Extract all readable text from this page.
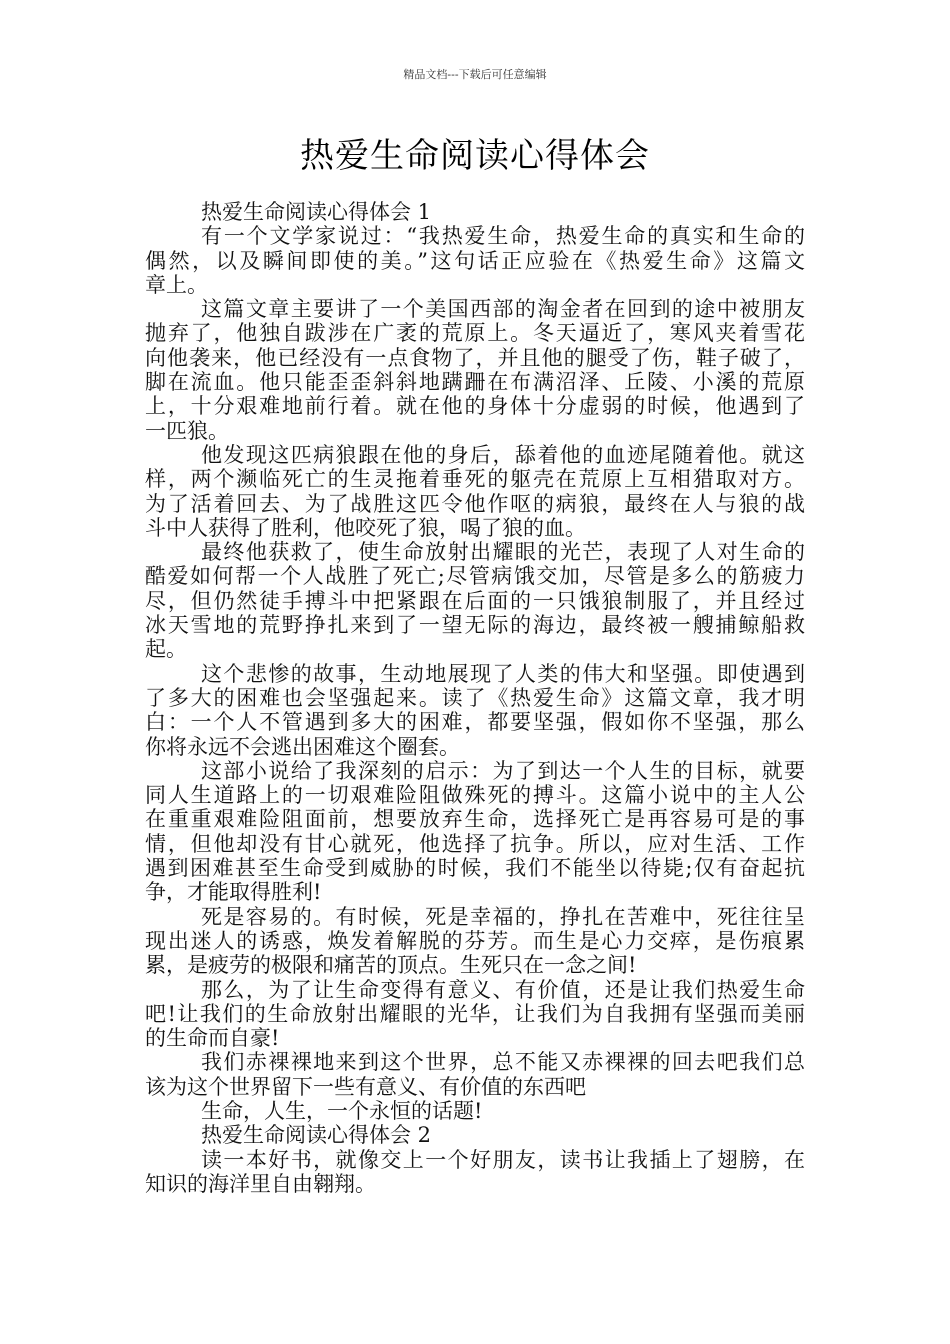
精品文档---下载后可任意编辑
热爱生命阅读心得体会
热爱生命阅读心得体会 1
有一个文学家说过：“我热爱生命，热爱生命的真实和生命的
偶然，以及瞬间即使的美。”这句话正应验在《热爱生命》这篇文
章上。
这篇文章主要讲了一个美国西部的淘金者在回到的途中被朋友
抛弃了，他独自跋涉在广袤的荒原上。冬天逼近了，寒风夹着雪花
向他袭来，他已经没有一点食物了，并且他的腿受了伤，鞋子破了，
脚在流血。他只能歪歪斜斜地蹒跚在布满沼泽、丘陵、小溪的荒原
上，十分艰难地前行着。就在他的身体十分虚弱的时候，他遇到了
一匹狼。
他发现这匹病狼跟在他的身后，舔着他的血迹尾随着他。就这
样，两个濒临死亡的生灵拖着垂死的躯壳在荒原上互相猎取对方。
为了活着回去、为了战胜这匹令他作呕的病狼，最终在人与狼的战
斗中人获得了胜利，他咬死了狼，喝了狼的血。
最终他获救了，使生命放射出耀眼的光芒，表现了人对生命的
酷爱如何帮一个人战胜了死亡;尽管病饿交加，尽管是多么的筋疲力
尽，但仍然徒手搏斗中把紧跟在后面的一只饿狼制服了，并且经过
冰天雪地的荒野挣扎来到了一望无际的海边，最终被一艘捕鲸船救
起。
这个悲惨的故事，生动地展现了人类的伟大和坚强。即使遇到
了多大的困难也会坚强起来。读了《热爱生命》这篇文章，我才明
白：一个人不管遇到多大的困难，都要坚强，假如你不坚强，那么
你将永远不会逃出困难这个圈套。
这部小说给了我深刻的启示：为了到达一个人生的目标，就要
同人生道路上的一切艰难险阻做殊死的搏斗。这篇小说中的主人公
在重重艰难险阻面前，想要放弃生命，选择死亡是再容易可是的事
情，但他却没有甘心就死，他选择了抗争。所以，应对生活、工作
遇到困难甚至生命受到威胁的时候，我们不能坐以待毙;仅有奋起抗
争，才能取得胜利!
死是容易的。有时候，死是幸福的，挣扎在苦难中，死往往呈
现出迷人的诱惑，焕发着解脱的芬芳。而生是心力交瘁，是伤痕累
累，是疲劳的极限和痛苦的顶点。生死只在一念之间!
那么，为了让生命变得有意义、有价值，还是让我们热爱生命
吧!让我们的生命放射出耀眼的光华，让我们为自我拥有坚强而美丽
的生命而自豪!
我们赤裸裸地来到这个世界，总不能又赤裸裸的回去吧我们总
该为这个世界留下一些有意义、有价值的东西吧
生命，人生，一个永恒的话题!
热爱生命阅读心得体会 2
读一本好书，就像交上一个好朋友，读书让我插上了翅膀，在
知识的海洋里自由翱翔。
